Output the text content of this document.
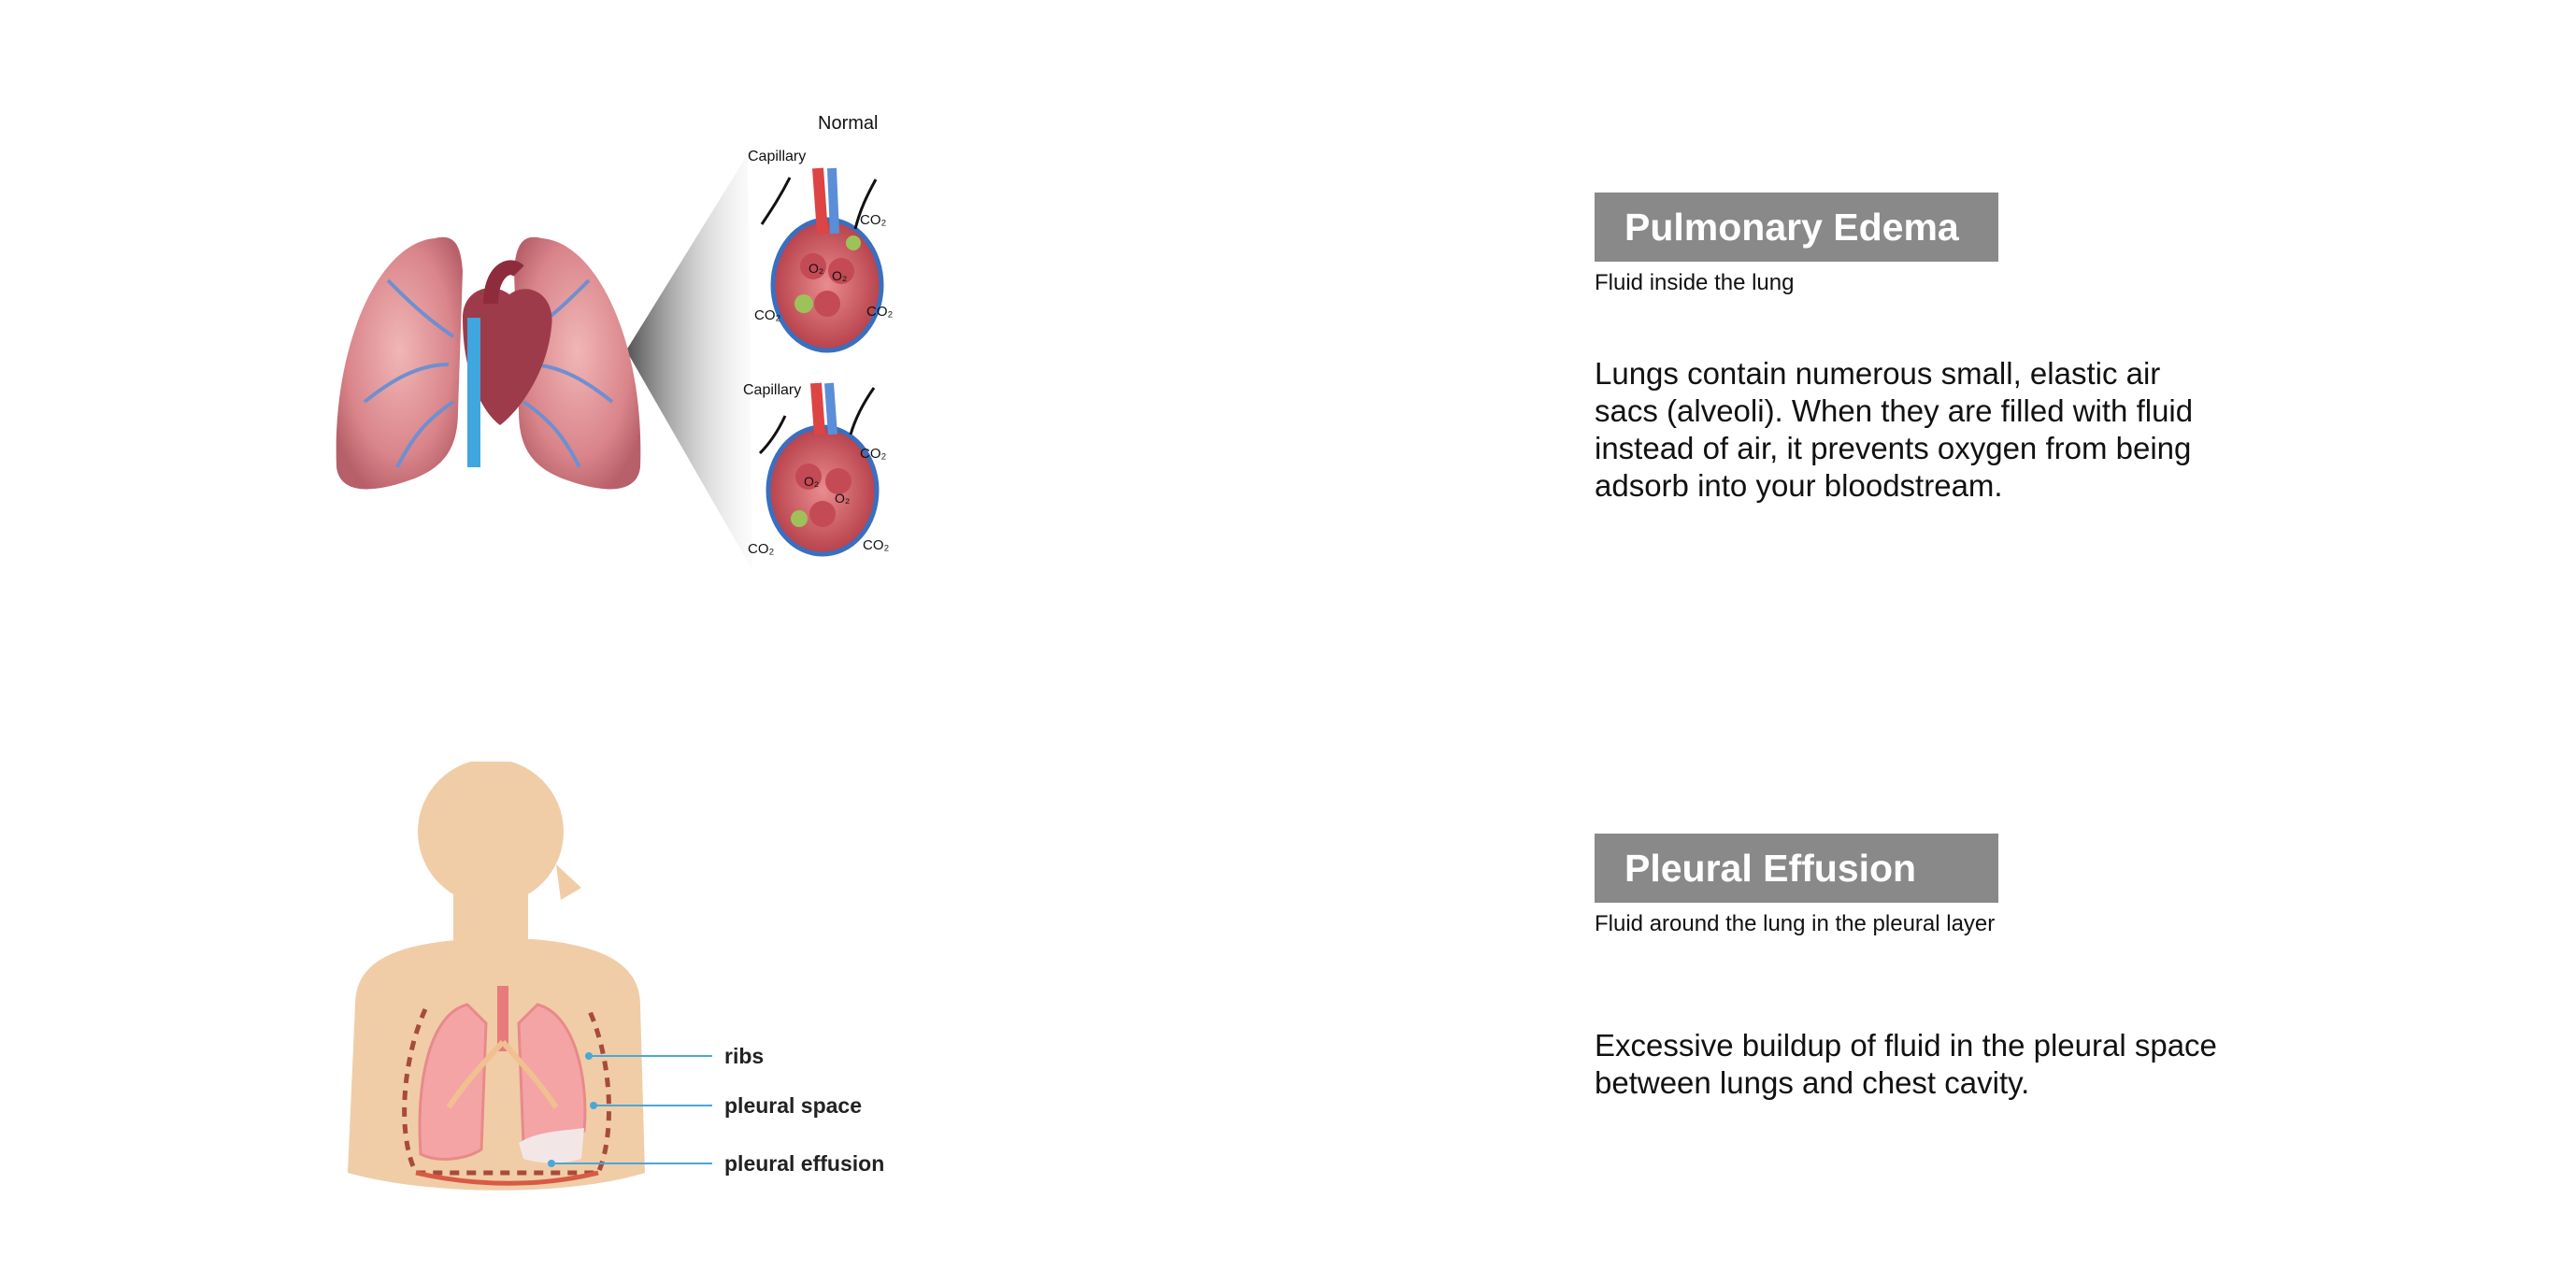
Normal
Capillary
Capillary
CO₂
CO₂	CO₂
CO₂
CO₂	CO₂
O₂ O₂
O₂
O₂
ribs
pleural space
pleural effusion
Pulmonary Edema
Fluid inside the lung
Lungs contain numerous small, elastic air sacs (alveoli). When they are filled with fluid instead of air, it prevents oxygen from being adsorb into your bloodstream.
Pleural Effusion
Fluid around the lung in the pleural layer
Excessive buildup of fluid in the pleural space between lungs and chest cavity.
